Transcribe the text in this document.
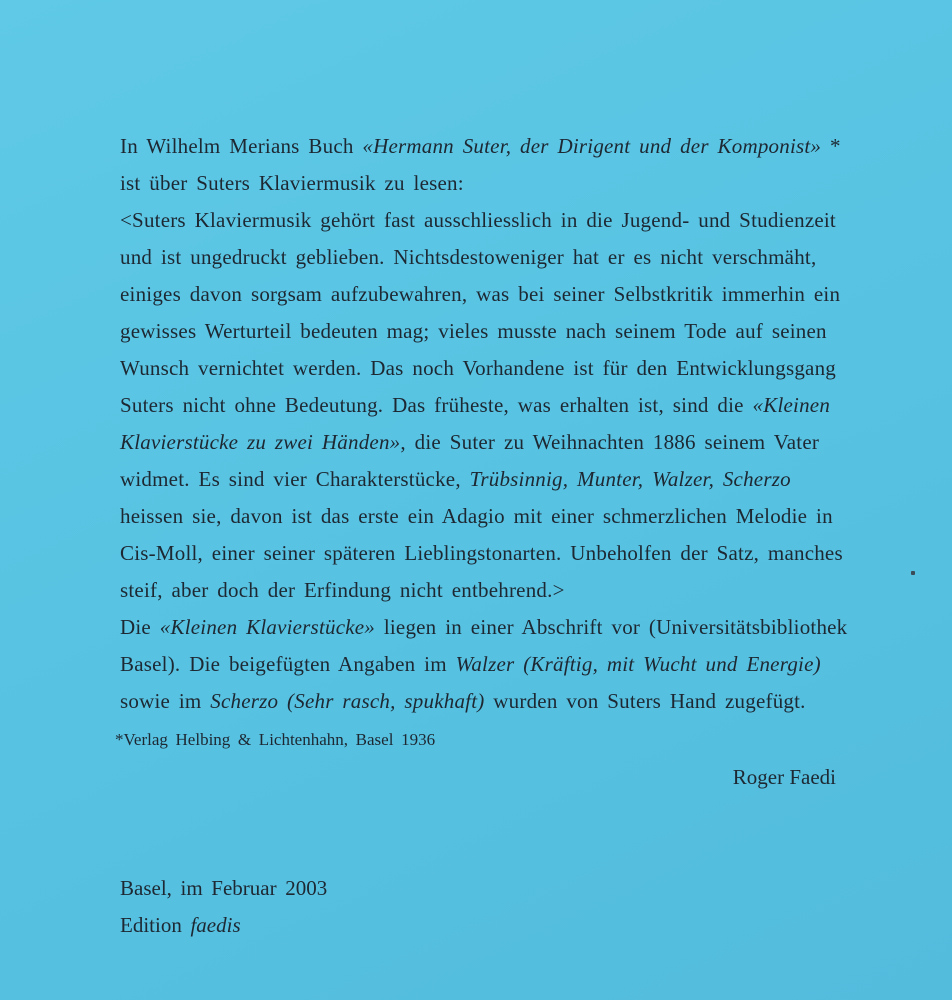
In Wilhelm Merians Buch «Hermann Suter, der Dirigent und der Komponist» *
ist über Suters Klaviermusik zu lesen:
<Suters Klaviermusik gehört fast ausschliesslich in die Jugend- und Studienzeit
und ist ungedruckt geblieben. Nichtsdestoweniger hat er es nicht verschmäht,
einiges davon sorgsam aufzubewahren, was bei seiner Selbstkritik immerhin ein
gewisses Werturteil bedeuten mag; vieles musste nach seinem Tode auf seinen
Wunsch vernichtet werden. Das noch Vorhandene ist für den Entwicklungsgang
Suters nicht ohne Bedeutung. Das früheste, was erhalten ist, sind die «Kleinen
Klavierstücke zu zwei Händen», die Suter zu Weihnachten 1886 seinem Vater
widmet. Es sind vier Charakterstücke, Trübsinnig, Munter, Walzer, Scherzo
heissen sie, davon ist das erste ein Adagio mit einer schmerzlichen Melodie in
Cis-Moll, einer seiner späteren Lieblingstonarten. Unbeholfen der Satz, manches
steif, aber doch der Erfindung nicht entbehrend.>
Die «Kleinen Klavierstücke» liegen in einer Abschrift vor (Universitätsbibliothek
Basel). Die beigefügten Angaben im Walzer (Kräftig, mit Wucht und Energie)
sowie im Scherzo (Sehr rasch, spukhaft) wurden von Suters Hand zugefügt.
*Verlag Helbing & Lichtenhahn, Basel 1936
Roger Faedi
Basel, im Februar 2003
Edition faedis
